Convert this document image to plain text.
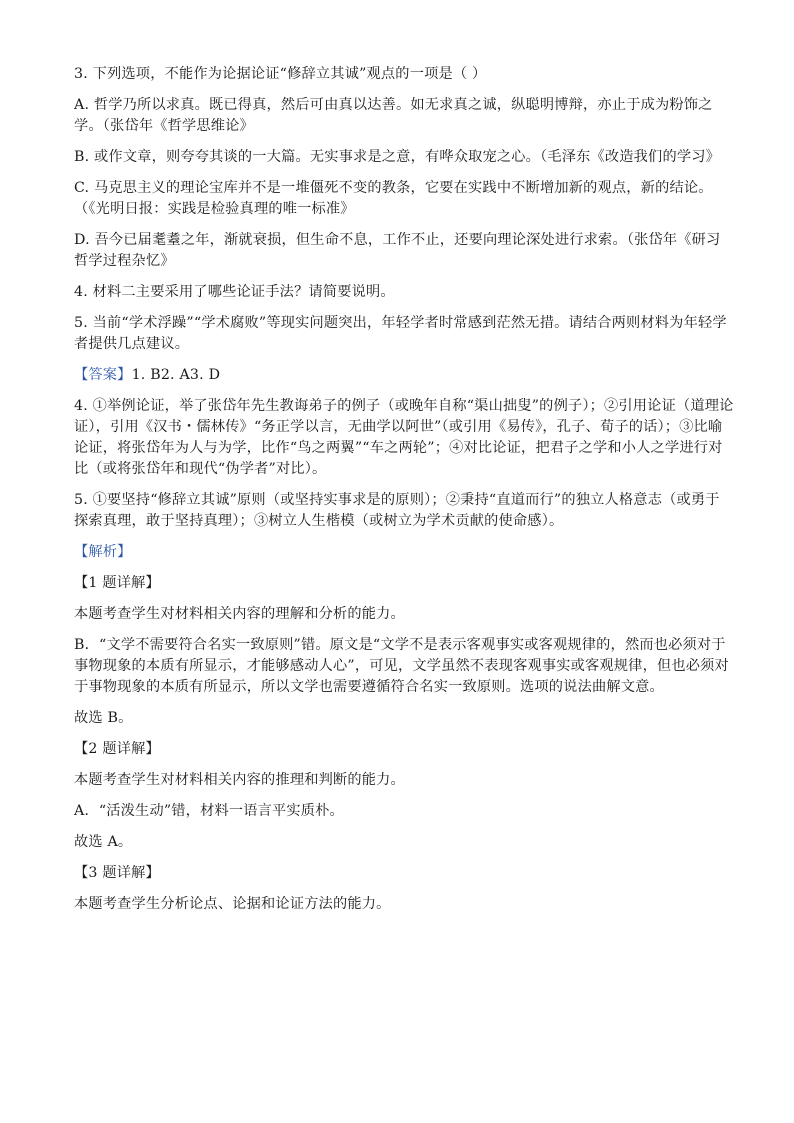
3. 下列选项，不能作为论据论证“修辞立其诚”观点的一项是（ ）

A. 哲学乃所以求真。既已得真，然后可由真以达善。如无求真之诚，纵聪明博辩，亦止于成为粉饰之学。（张岱年《哲学思维论》

B. 或作文章，则夸夸其谈的一大篇。无实事求是之意，有哗众取宠之心。（毛泽东《改造我们的学习》

C. 马克思主义的理论宝库并不是一堆僵死不变的教条，它要在实践中不断增加新的观点，新的结论。（《光明日报：实践是检验真理的唯一标准》

D. 吾今已届耄耋之年，渐就衰损，但生命不息，工作不止，还要向理论深处进行求索。（张岱年《研习哲学过程杂忆》

4. 材料二主要采用了哪些论证手法？请简要说明。

5. 当前“学术浮躁”“学术腐败”等现实问题突出，年轻学者时常感到茫然无措。请结合两则材料为年轻学者提供几点建议。

【答案】1. B2. A3. D

4. ①举例论证，举了张岱年先生教诲弟子的例子（或晚年自称“渠山拙叟”的例子）；②引用论证（道理论证），引用《汉书・儒林传》“务正学以言，无曲学以阿世”（或引用《易传》，孔子、荀子的话）；③比喻论证，将张岱年为人与为学，比作“鸟之两翼”“车之两轮”；④对比论证，把君子之学和小人之学进行对比（或将张岱年和现代“伪学者”对比）。

5. ①要坚持“修辞立其诚”原则（或坚持实事求是的原则）；②秉持“直道而行”的独立人格意志（或勇于探索真理，敢于坚持真理）；③树立人生楷模（或树立为学术贡献的使命感）。

【解析】

【1 题详解】

本题考查学生对材料相关内容的理解和分析的能力。

B．“文学不需要符合名实一致原则”错。原文是“文学不是表示客观事实或客观规律的，然而也必须对于事物现象的本质有所显示，才能够感动人心”，可见，文学虽然不表现客观事实或客观规律，但也必须对于事物现象的本质有所显示，所以文学也需要遵循符合名实一致原则。选项的说法曲解文意。

故选 B。

【2 题详解】

本题考查学生对材料相关内容的推理和判断的能力。

A．“活泼生动”错，材料一语言平实质朴。

故选 A。

【3 题详解】

本题考查学生分析论点、论据和论证方法的能力。
